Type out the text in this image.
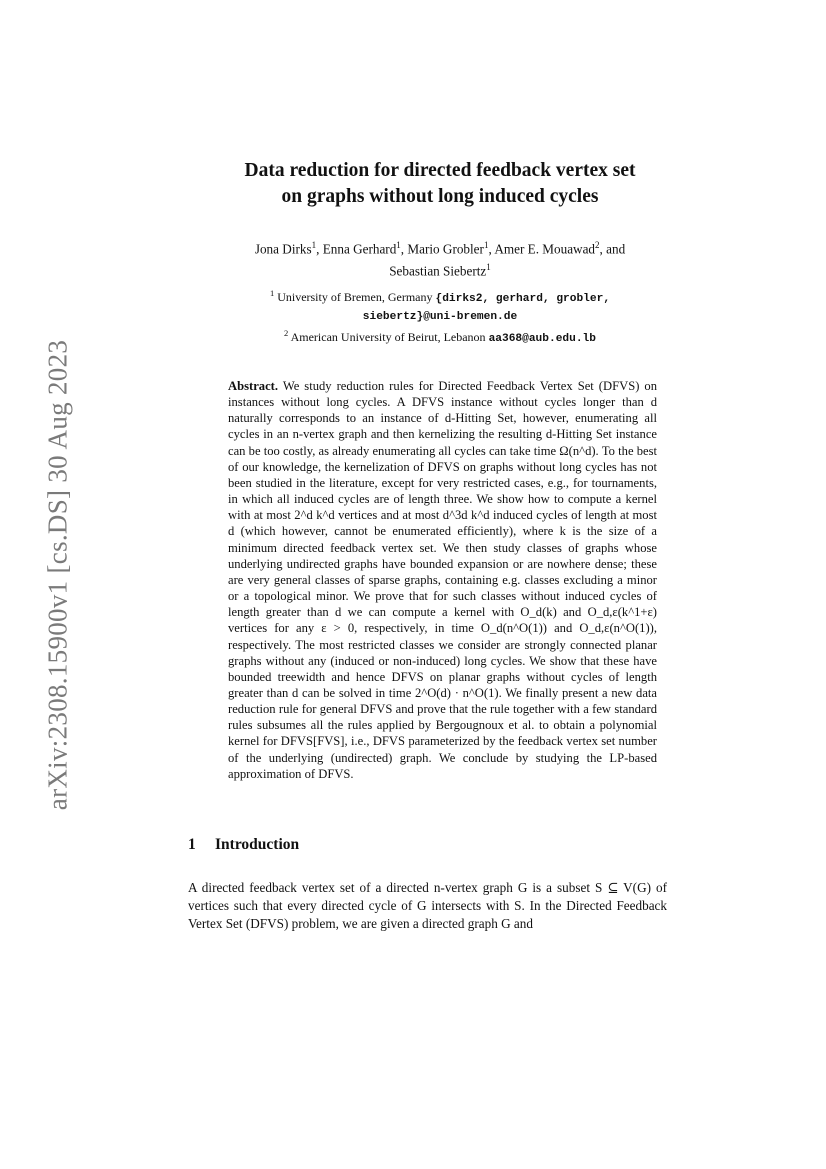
arXiv:2308.15900v1 [cs.DS] 30 Aug 2023
Data reduction for directed feedback vertex set
on graphs without long induced cycles
Jona Dirks$^1$, Enna Gerhard$^1$, Mario Grobler$^1$, Amer E. Mouawad$^2$, and
Sebastian Siebertz$^1$
$^1$ University of Bremen, Germany {dirks2, gerhard, grobler,
siebertz}@uni-bremen.de
$^2$ American University of Beirut, Lebanon aa368@aub.edu.lb
Abstract. We study reduction rules for Directed Feedback Vertex Set (DFVS) on instances without long cycles. A DFVS instance without cycles longer than d naturally corresponds to an instance of d-Hitting Set, however, enumerating all cycles in an n-vertex graph and then kernelizing the resulting d-Hitting Set instance can be too costly, as already enumerating all cycles can take time Ω(n^d). To the best of our knowledge, the kernelization of DFVS on graphs without long cycles has not been studied in the literature, except for very restricted cases, e.g., for tournaments, in which all induced cycles are of length three. We show how to compute a kernel with at most 2^d k^d vertices and at most d^3d k^d induced cycles of length at most d (which however, cannot be enumerated efficiently), where k is the size of a minimum directed feedback vertex set. We then study classes of graphs whose underlying undirected graphs have bounded expansion or are nowhere dense; these are very general classes of sparse graphs, containing e.g. classes excluding a minor or a topological minor. We prove that for such classes without induced cycles of length greater than d we can compute a kernel with O_d(k) and O_d,ε(k^1+ε) vertices for any ε > 0, respectively, in time O_d(n^O(1)) and O_d,ε(n^O(1)), respectively. The most restricted classes we consider are strongly connected planar graphs without any (induced or non-induced) long cycles. We show that these have bounded treewidth and hence DFVS on planar graphs without cycles of length greater than d can be solved in time 2^O(d) · n^O(1). We finally present a new data reduction rule for general DFVS and prove that the rule together with a few standard rules subsumes all the rules applied by Bergougnoux et al. to obtain a polynomial kernel for DFVS[FVS], i.e., DFVS parameterized by the feedback vertex set number of the underlying (undirected) graph. We conclude by studying the LP-based approximation of DFVS.
1 Introduction
A directed feedback vertex set of a directed n-vertex graph G is a subset S ⊆ V(G) of vertices such that every directed cycle of G intersects with S. In the Directed Feedback Vertex Set (DFVS) problem, we are given a directed graph G and
